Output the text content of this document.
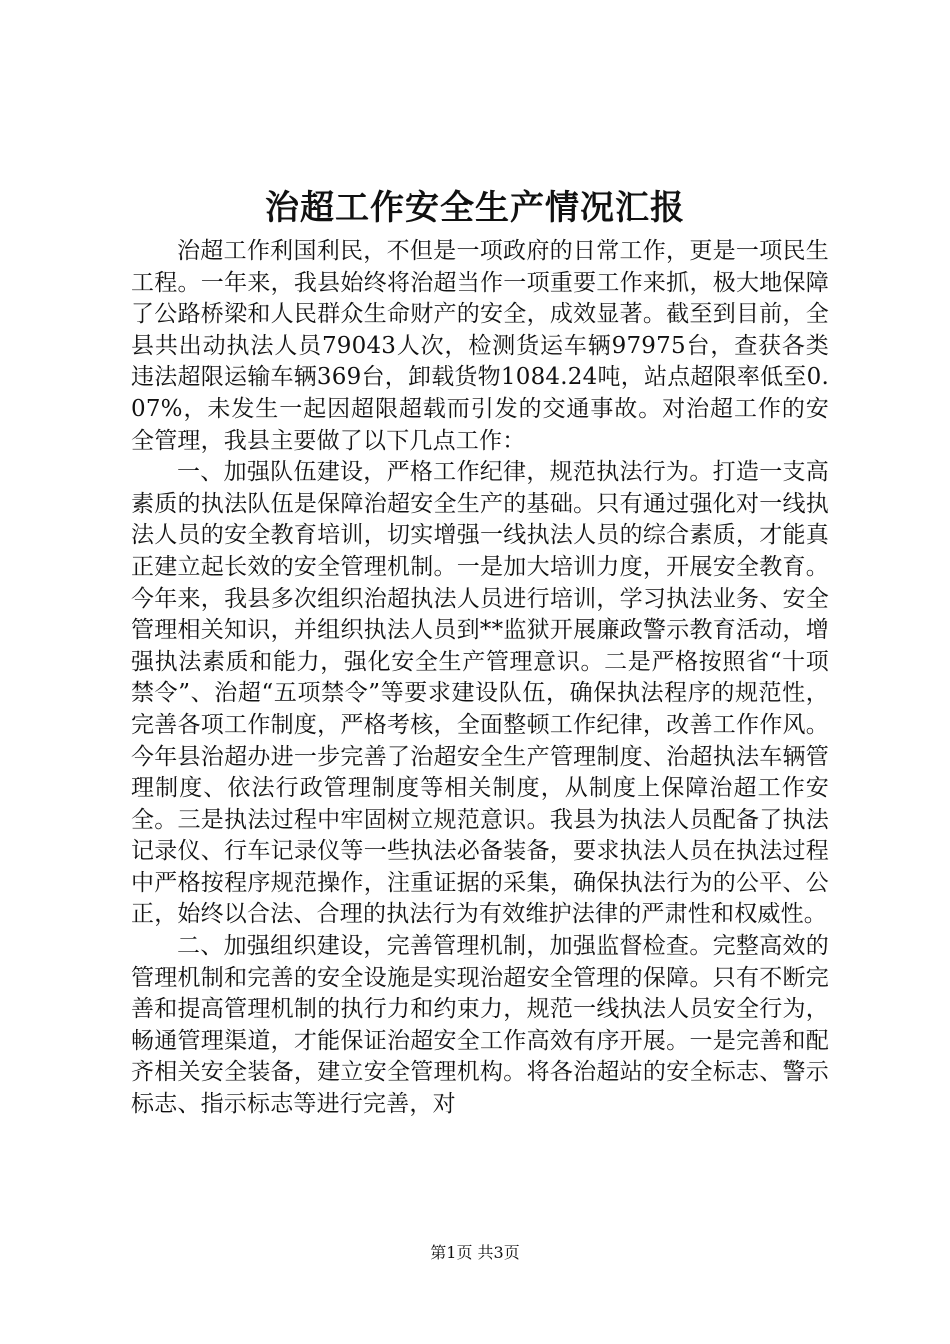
治超工作安全生产情况汇报

治超工作利国利民，不但是一项政府的日常工作，更是一项民生工程。一年来，我县始终将治超当作一项重要工作来抓，极大地保障了公路桥梁和人民群众生命财产的安全，成效显著。截至到目前，全县共出动执法人员79043人次，检测货运车辆97975台，查获各类违法超限运输车辆369台，卸载货物1084.24吨，站点超限率低至0.07%，未发生一起因超限超载而引发的交通事故。对治超工作的安全管理，我县主要做了以下几点工作：

一、加强队伍建设，严格工作纪律，规范执法行为。打造一支高素质的执法队伍是保障治超安全生产的基础。只有通过强化对一线执法人员的安全教育培训，切实增强一线执法人员的综合素质，才能真正建立起长效的安全管理机制。一是加大培训力度，开展安全教育。今年来，我县多次组织治超执法人员进行培训，学习执法业务、安全管理相关知识，并组织执法人员到**监狱开展廉政警示教育活动，增强执法素质和能力，强化安全生产管理意识。二是严格按照省“十项禁令”、治超“五项禁令”等要求建设队伍，确保执法程序的规范性，完善各项工作制度，严格考核，全面整顿工作纪律，改善工作作风。今年县治超办进一步完善了治超安全生产管理制度、治超执法车辆管理制度、依法行政管理制度等相关制度，从制度上保障治超工作安全。三是执法过程中牢固树立规范意识。我县为执法人员配备了执法记录仪、行车记录仪等一些执法必备装备，要求执法人员在执法过程中严格按程序规范操作，注重证据的采集，确保执法行为的公平、公正，始终以合法、合理的执法行为有效维护法律的严肃性和权威性。

二、加强组织建设，完善管理机制，加强监督检查。完整高效的管理机制和完善的安全设施是实现治超安全管理的保障。只有不断完善和提高管理机制的执行力和约束力，规范一线执法人员安全行为，畅通管理渠道，才能保证治超安全工作高效有序开展。一是完善和配齐相关安全装备，建立安全管理机构。将各治超站的安全标志、警示标志、指示标志等进行完善，对

第1页 共3页
